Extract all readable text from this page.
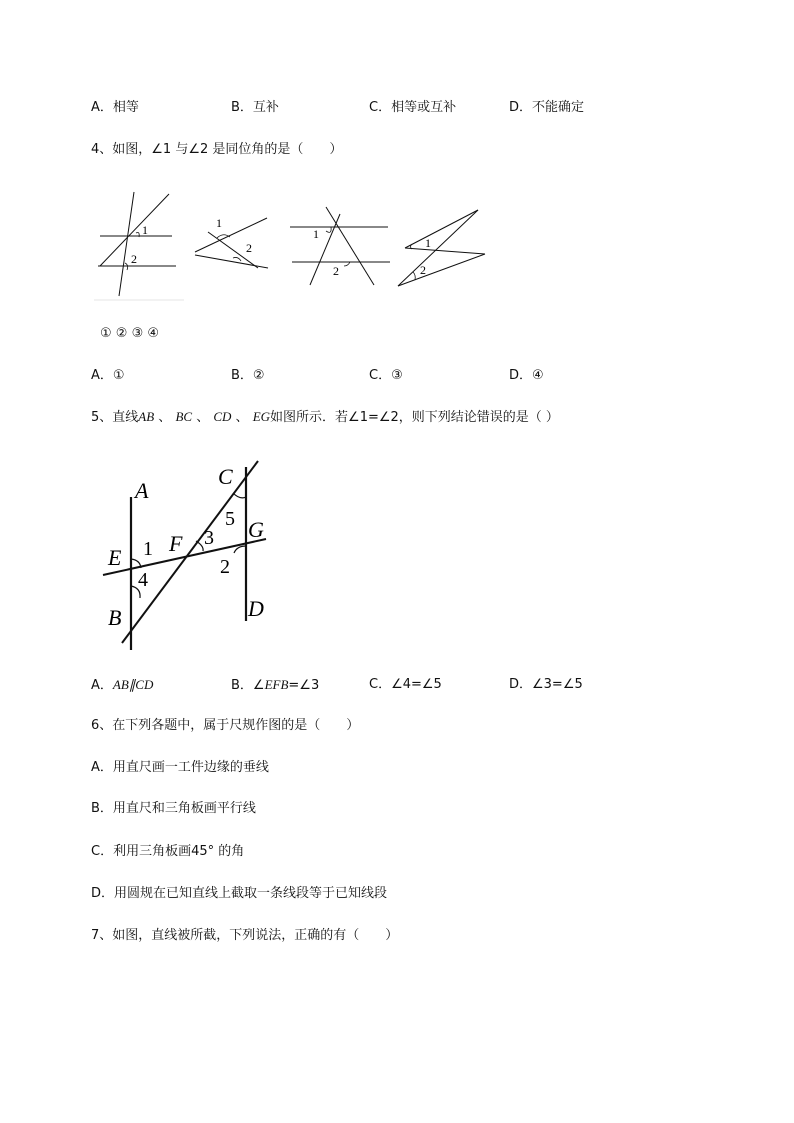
A．相等	B．互补	C．相等或互补	D．不能确定
4、如图，∠1 与∠2 是同位角的是（　　）
1
2
1
2
1
2
1
2
① ② ③ ④
A．①	B．②	C．③	D．④
5、直线AB 、 BC 、 CD 、 EG如图所示．若∠1=∠2，则下列结论错误的是（ ）
A
C
G
E
F
B	D
1
2
3
4
5
A．AB∥CD	B．∠EFB=∠3	C．∠4=∠5	D．∠3=∠5
6、在下列各题中，属于尺规作图的是（　　）
A．用直尺画一工件边缘的垂线
B．用直尺和三角板画平行线
C．利用三角板画45° 的角
D．用圆规在已知直线上截取一条线段等于已知线段
7、如图，直线被所截，下列说法，正确的有（　　）
